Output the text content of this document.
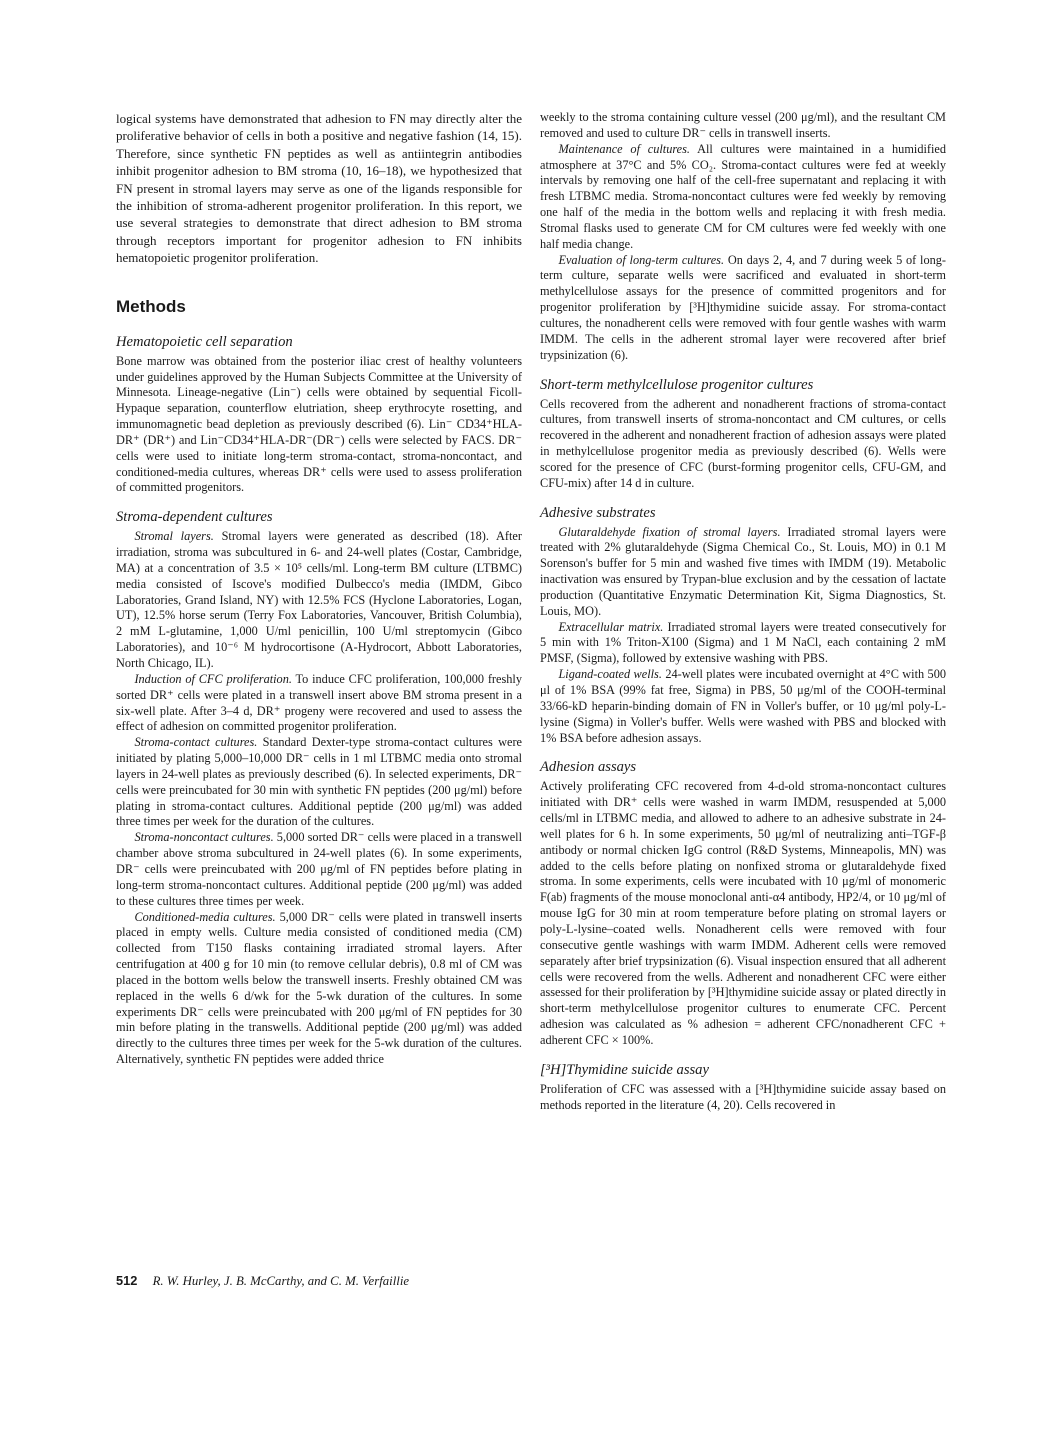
logical systems have demonstrated that adhesion to FN may directly alter the proliferative behavior of cells in both a positive and negative fashion (14, 15). Therefore, since synthetic FN peptides as well as antiintegrin antibodies inhibit progenitor adhesion to BM stroma (10, 16–18), we hypothesized that FN present in stromal layers may serve as one of the ligands responsible for the inhibition of stroma-adherent progenitor proliferation. In this report, we use several strategies to demonstrate that direct adhesion to BM stroma through receptors important for progenitor adhesion to FN inhibits hematopoietic progenitor proliferation.

Methods
Hematopoietic cell separation

Bone marrow was obtained from the posterior iliac crest of healthy volunteers under guidelines approved by the Human Subjects Committee at the University of Minnesota. Lineage-negative (Lin⁻) cells were obtained by sequential Ficoll-Hypaque separation, counterflow elutriation, sheep erythrocyte rosetting, and immunomagnetic bead depletion as previously described (6). Lin⁻ CD34⁺HLA-DR⁺ (DR⁺) and Lin⁻CD34⁺HLA-DR⁻(DR⁻) cells were selected by FACS. DR⁻ cells were used to initiate long-term stroma-contact, stroma-noncontact, and conditioned-media cultures, whereas DR⁺ cells were used to assess proliferation of committed progenitors.

Stroma-dependent cultures

Stromal layers. Stromal layers were generated as described (18). After irradiation, stroma was subcultured in 6- and 24-well plates (Costar, Cambridge, MA) at a concentration of 3.5 × 10⁵ cells/ml. Long-term BM culture (LTBMC) media consisted of Iscove's modified Dulbecco's media (IMDM, Gibco Laboratories, Grand Island, NY) with 12.5% FCS (Hyclone Laboratories, Logan, UT), 12.5% horse serum (Terry Fox Laboratories, Vancouver, British Columbia), 2 mM L-glutamine, 1,000 U/ml penicillin, 100 U/ml streptomycin (Gibco Laboratories), and 10⁻⁶ M hydrocortisone (A-Hydrocort, Abbott Laboratories, North Chicago, IL).

Induction of CFC proliferation. To induce CFC proliferation, 100,000 freshly sorted DR⁺ cells were plated in a transwell insert above BM stroma present in a six-well plate. After 3–4 d, DR⁺ progeny were recovered and used to assess the effect of adhesion on committed progenitor proliferation.

Stroma-contact cultures. Standard Dexter-type stroma-contact cultures were initiated by plating 5,000–10,000 DR⁻ cells in 1 ml LTBMC media onto stromal layers in 24-well plates as previously described (6). In selected experiments, DR⁻ cells were preincubated for 30 min with synthetic FN peptides (200 μg/ml) before plating in stroma-contact cultures. Additional peptide (200 μg/ml) was added three times per week for the duration of the cultures.

Stroma-noncontact cultures. 5,000 sorted DR⁻ cells were placed in a transwell chamber above stroma subcultured in 24-well plates (6). In some experiments, DR⁻ cells were preincubated with 200 μg/ml of FN peptides before plating in long-term stroma-noncontact cultures. Additional peptide (200 μg/ml) was added to these cultures three times per week.

Conditioned-media cultures. 5,000 DR⁻ cells were plated in transwell inserts placed in empty wells. Culture media consisted of conditioned media (CM) collected from T150 flasks containing irradiated stromal layers. After centrifugation at 400 g for 10 min (to remove cellular debris), 0.8 ml of CM was placed in the bottom wells below the transwell inserts. Freshly obtained CM was replaced in the wells 6 d/wk for the 5-wk duration of the cultures. In some experiments DR⁻ cells were preincubated with 200 μg/ml of FN peptides for 30 min before plating in the transwells. Additional peptide (200 μg/ml) was added directly to the cultures three times per week for the 5-wk duration of the cultures. Alternatively, synthetic FN peptides were added thrice

weekly to the stroma containing culture vessel (200 μg/ml), and the resultant CM removed and used to culture DR⁻ cells in transwell inserts.

Maintenance of cultures. All cultures were maintained in a humidified atmosphere at 37°C and 5% CO₂. Stroma-contact cultures were fed at weekly intervals by removing one half of the cell-free supernatant and replacing it with fresh LTBMC media. Stroma-noncontact cultures were fed weekly by removing one half of the media in the bottom wells and replacing it with fresh media. Stromal flasks used to generate CM for CM cultures were fed weekly with one half media change.

Evaluation of long-term cultures. On days 2, 4, and 7 during week 5 of long-term culture, separate wells were sacrificed and evaluated in short-term methylcellulose assays for the presence of committed progenitors and for progenitor proliferation by [³H]thymidine suicide assay. For stroma-contact cultures, the nonadherent cells were removed with four gentle washes with warm IMDM. The cells in the adherent stromal layer were recovered after brief trypsinization (6).

Short-term methylcellulose progenitor cultures

Cells recovered from the adherent and nonadherent fractions of stroma-contact cultures, from transwell inserts of stroma-noncontact and CM cultures, or cells recovered in the adherent and nonadherent fraction of adhesion assays were plated in methylcellulose progenitor media as previously described (6). Wells were scored for the presence of CFC (burst-forming progenitor cells, CFU-GM, and CFU-mix) after 14 d in culture.

Adhesive substrates

Glutaraldehyde fixation of stromal layers. Irradiated stromal layers were treated with 2% glutaraldehyde (Sigma Chemical Co., St. Louis, MO) in 0.1 M Sorenson's buffer for 5 min and washed five times with IMDM (19). Metabolic inactivation was ensured by Trypan-blue exclusion and by the cessation of lactate production (Quantitative Enzymatic Determination Kit, Sigma Diagnostics, St. Louis, MO).

Extracellular matrix. Irradiated stromal layers were treated consecutively for 5 min with 1% Triton-X100 (Sigma) and 1 M NaCl, each containing 2 mM PMSF, (Sigma), followed by extensive washing with PBS.

Ligand-coated wells. 24-well plates were incubated overnight at 4°C with 500 μl of 1% BSA (99% fat free, Sigma) in PBS, 50 μg/ml of the COOH-terminal 33/66-kD heparin-binding domain of FN in Voller's buffer, or 10 μg/ml poly-L-lysine (Sigma) in Voller's buffer. Wells were washed with PBS and blocked with 1% BSA before adhesion assays.

Adhesion assays

Actively proliferating CFC recovered from 4-d-old stroma-noncontact cultures initiated with DR⁺ cells were washed in warm IMDM, resuspended at 5,000 cells/ml in LTBMC media, and allowed to adhere to an adhesive substrate in 24-well plates for 6 h. In some experiments, 50 μg/ml of neutralizing anti–TGF-β antibody or normal chicken IgG control (R&D Systems, Minneapolis, MN) was added to the cells before plating on nonfixed stroma or glutaraldehyde fixed stroma. In some experiments, cells were incubated with 10 μg/ml of monomeric F(ab) fragments of the mouse monoclonal anti-α4 antibody, HP2/4, or 10 μg/ml of mouse IgG for 30 min at room temperature before plating on stromal layers or poly-L-lysine–coated wells. Nonadherent cells were removed with four consecutive gentle washings with warm IMDM. Adherent cells were removed separately after brief trypsinization (6). Visual inspection ensured that all adherent cells were recovered from the wells. Adherent and nonadherent CFC were either assessed for their proliferation by [³H]thymidine suicide assay or plated directly in short-term methylcellulose progenitor cultures to enumerate CFC. Percent adhesion was calculated as % adhesion = adherent CFC/nonadherent CFC + adherent CFC × 100%.

[³H]Thymidine suicide assay

Proliferation of CFC was assessed with a [³H]thymidine suicide assay based on methods reported in the literature (4, 20). Cells recovered in

512 R. W. Hurley, J. B. McCarthy, and C. M. Verfaillie
